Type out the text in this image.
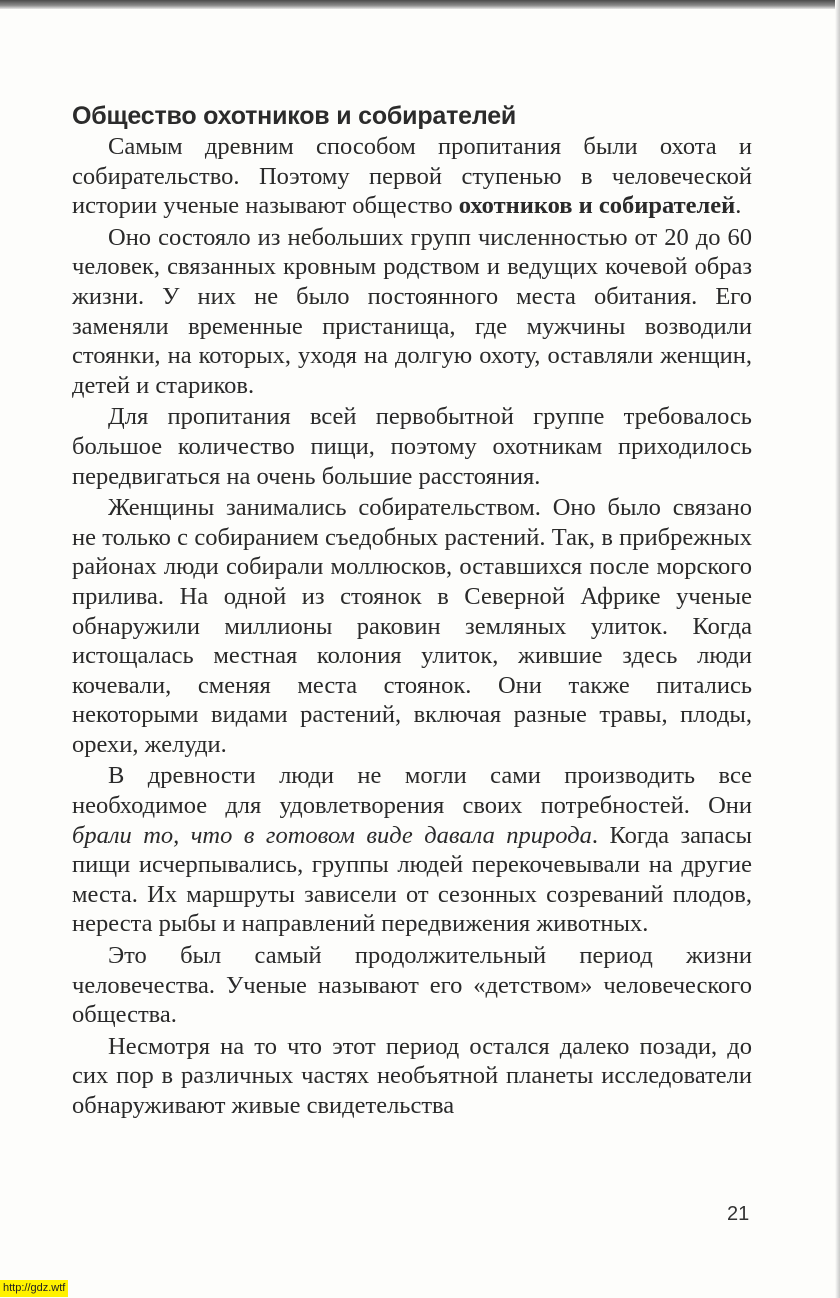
Общество охотников и собирателей

Самым древним способом пропитания были охота и собирательство. Поэтому первой ступенью в человеческой истории ученые называют общество охотников и собирателей.

Оно состояло из небольших групп численностью от 20 до 60 человек, связанных кровным родством и ведущих кочевой образ жизни. У них не было постоянного места обитания. Его заменяли временные пристанища, где мужчины возводили стоянки, на которых, уходя на долгую охоту, оставляли женщин, детей и стариков.

Для пропитания всей первобытной группе требовалось большое количество пищи, поэтому охотникам приходилось передвигаться на очень большие расстояния.

Женщины занимались собирательством. Оно было связано не только с собиранием съедобных растений. Так, в прибрежных районах люди собирали моллюсков, оставшихся после морского прилива. На одной из стоянок в Северной Африке ученые обнаружили миллионы раковин земляных улиток. Когда истощалась местная колония улиток, жившие здесь люди кочевали, сменяя места стоянок. Они также питались некоторыми видами растений, включая разные травы, плоды, орехи, желуди.

В древности люди не могли сами производить все необходимое для удовлетворения своих потребностей. Они брали то, что в готовом виде давала природа. Когда запасы пищи исчерпывались, группы людей перекочевывали на другие места. Их маршруты зависели от сезонных созреваний плодов, нереста рыбы и направлений передвижения животных.

Это был самый продолжительный период жизни человечества. Ученые называют его «детством» человеческого общества.

Несмотря на то что этот период остался далеко позади, до сих пор в различных частях необъятной планеты исследователи обнаруживают живые свидетельства

21
http://gdz.wtf
